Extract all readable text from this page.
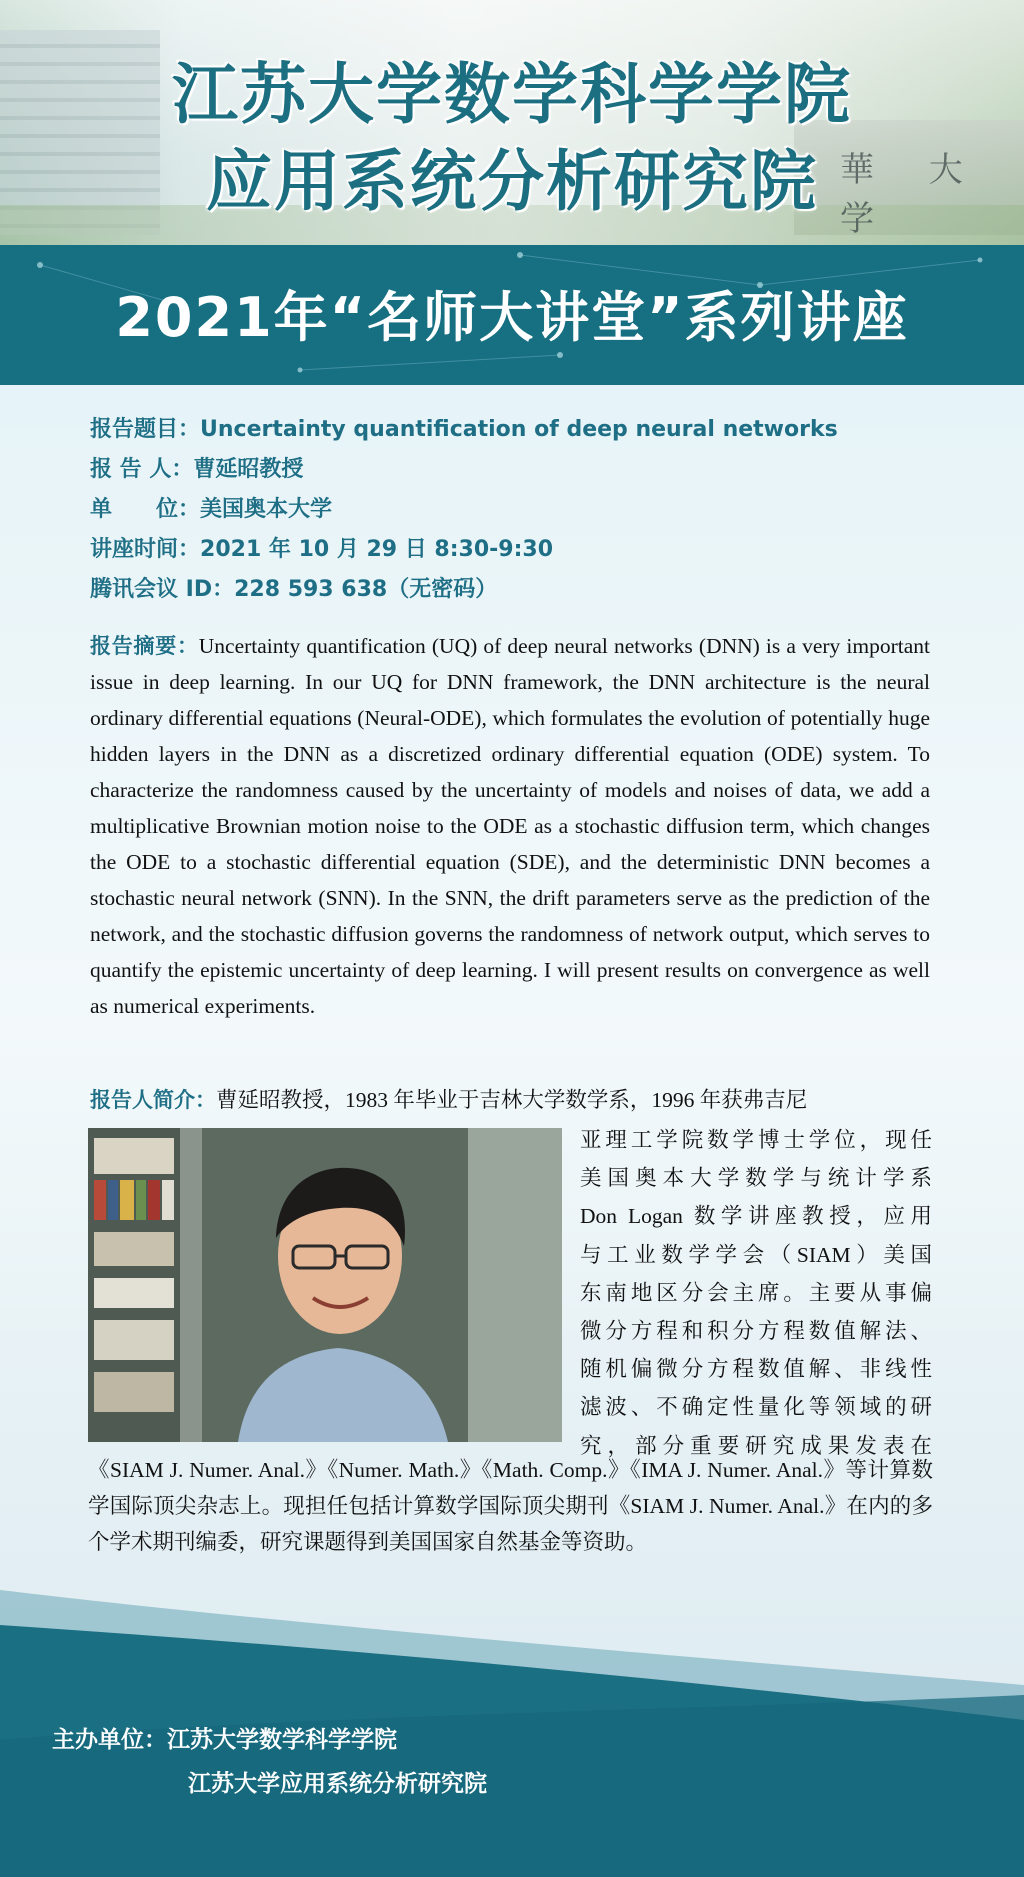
華 大 学
江苏大学数学科学学院
应用系统分析研究院
2021年“名师大讲堂”系列讲座
报告题目：Uncertainty quantification of deep neural networks
报 告 人：曹延昭教授
单　　位：美国奥本大学
讲座时间：2021 年 10 月 29 日 8:30-9:30
腾讯会议 ID：228 593 638（无密码）

报告摘要：Uncertainty quantification (UQ) of deep neural networks (DNN) is a very important issue in deep learning. In our UQ for DNN framework, the DNN architecture is the neural ordinary differential equations (Neural-ODE), which formulates the evolution of potentially huge hidden layers in the DNN as a discretized ordinary differential equation (ODE) system. To characterize the randomness caused by the uncertainty of models and noises of data, we add a multiplicative Brownian motion noise to the ODE as a stochastic diffusion term, which changes the ODE to a stochastic differential equation (SDE), and the deterministic DNN becomes a stochastic neural network (SNN). In the SNN, the drift parameters serve as the prediction of the network, and the stochastic diffusion governs the randomness of network output, which serves to quantify the epistemic uncertainty of deep learning. I will present results on convergence as well as numerical experiments.

报告人简介：曹延昭教授，1983 年毕业于吉林大学数学系，1996 年获弗吉尼
亚理工学院数学博士学位，现任
美国奥本大学数学与统计学系
Don Logan 数学讲座教授，应用
与工业数学学会（SIAM）美国
东南地区分会主席。主要从事偏
微分方程和积分方程数值解法、
随机偏微分方程数值解、非线性
滤波、不确定性量化等领域的研
究，部分重要研究成果发表在

《SIAM J. Numer. Anal.》《Numer. Math.》《Math. Comp.》《IMA J. Numer. Anal.》等计算数学国际顶尖杂志上。现担任包括计算数学国际顶尖期刊《SIAM J. Numer. Anal.》在内的多个学术期刊编委，研究课题得到美国国家自然基金等资助。

主办单位：江苏大学数学科学学院
江苏大学应用系统分析研究院
